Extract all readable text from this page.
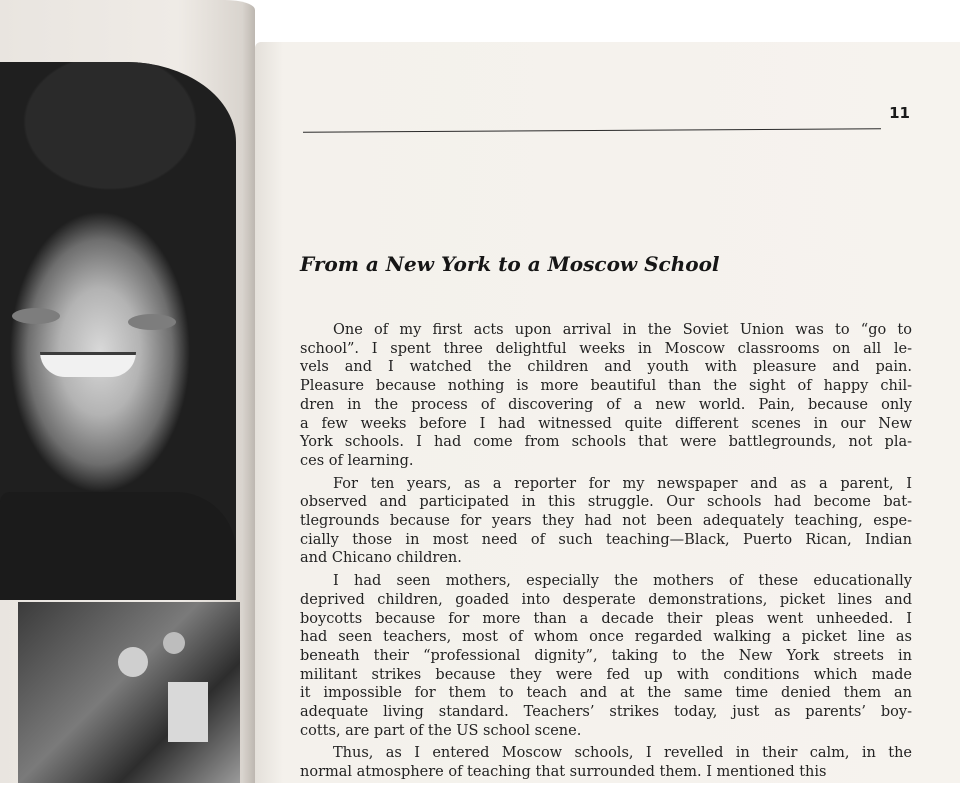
11
From a New York to a Moscow School
One of my first acts upon arrival in the Soviet Union was to “go to
school”. I spent three delightful weeks in Moscow classrooms on all le-
vels and I watched the children and youth with pleasure and pain.
Pleasure because nothing is more beautiful than the sight of happy chil-
dren in the process of discovering of a new world. Pain, because only
a few weeks before I had witnessed quite different scenes in our New
York schools. I had come from schools that were battlegrounds, not pla-
ces of learning.
For ten years, as a reporter for my newspaper and as a parent, I
observed and participated in this struggle. Our schools had become bat-
tlegrounds because for years they had not been adequately teaching, espe-
cially those in most need of such teaching—Black, Puerto Rican, Indian
and Chicano children.
I had seen mothers, especially the mothers of these educationally
deprived children, goaded into desperate demonstrations, picket lines and
boycotts because for more than a decade their pleas went unheeded. I
had seen teachers, most of whom once regarded walking a picket line as
beneath their “professional dignity”, taking to the New York streets in
militant strikes because they were fed up with conditions which made
it impossible for them to teach and at the same time denied them an
adequate living standard. Teachers’ strikes today, just as parents’ boy-
cotts, are part of the US school scene.
Thus, as I entered Moscow schools, I revelled in their calm, in the
normal atmosphere of teaching that surrounded them. I mentioned this
